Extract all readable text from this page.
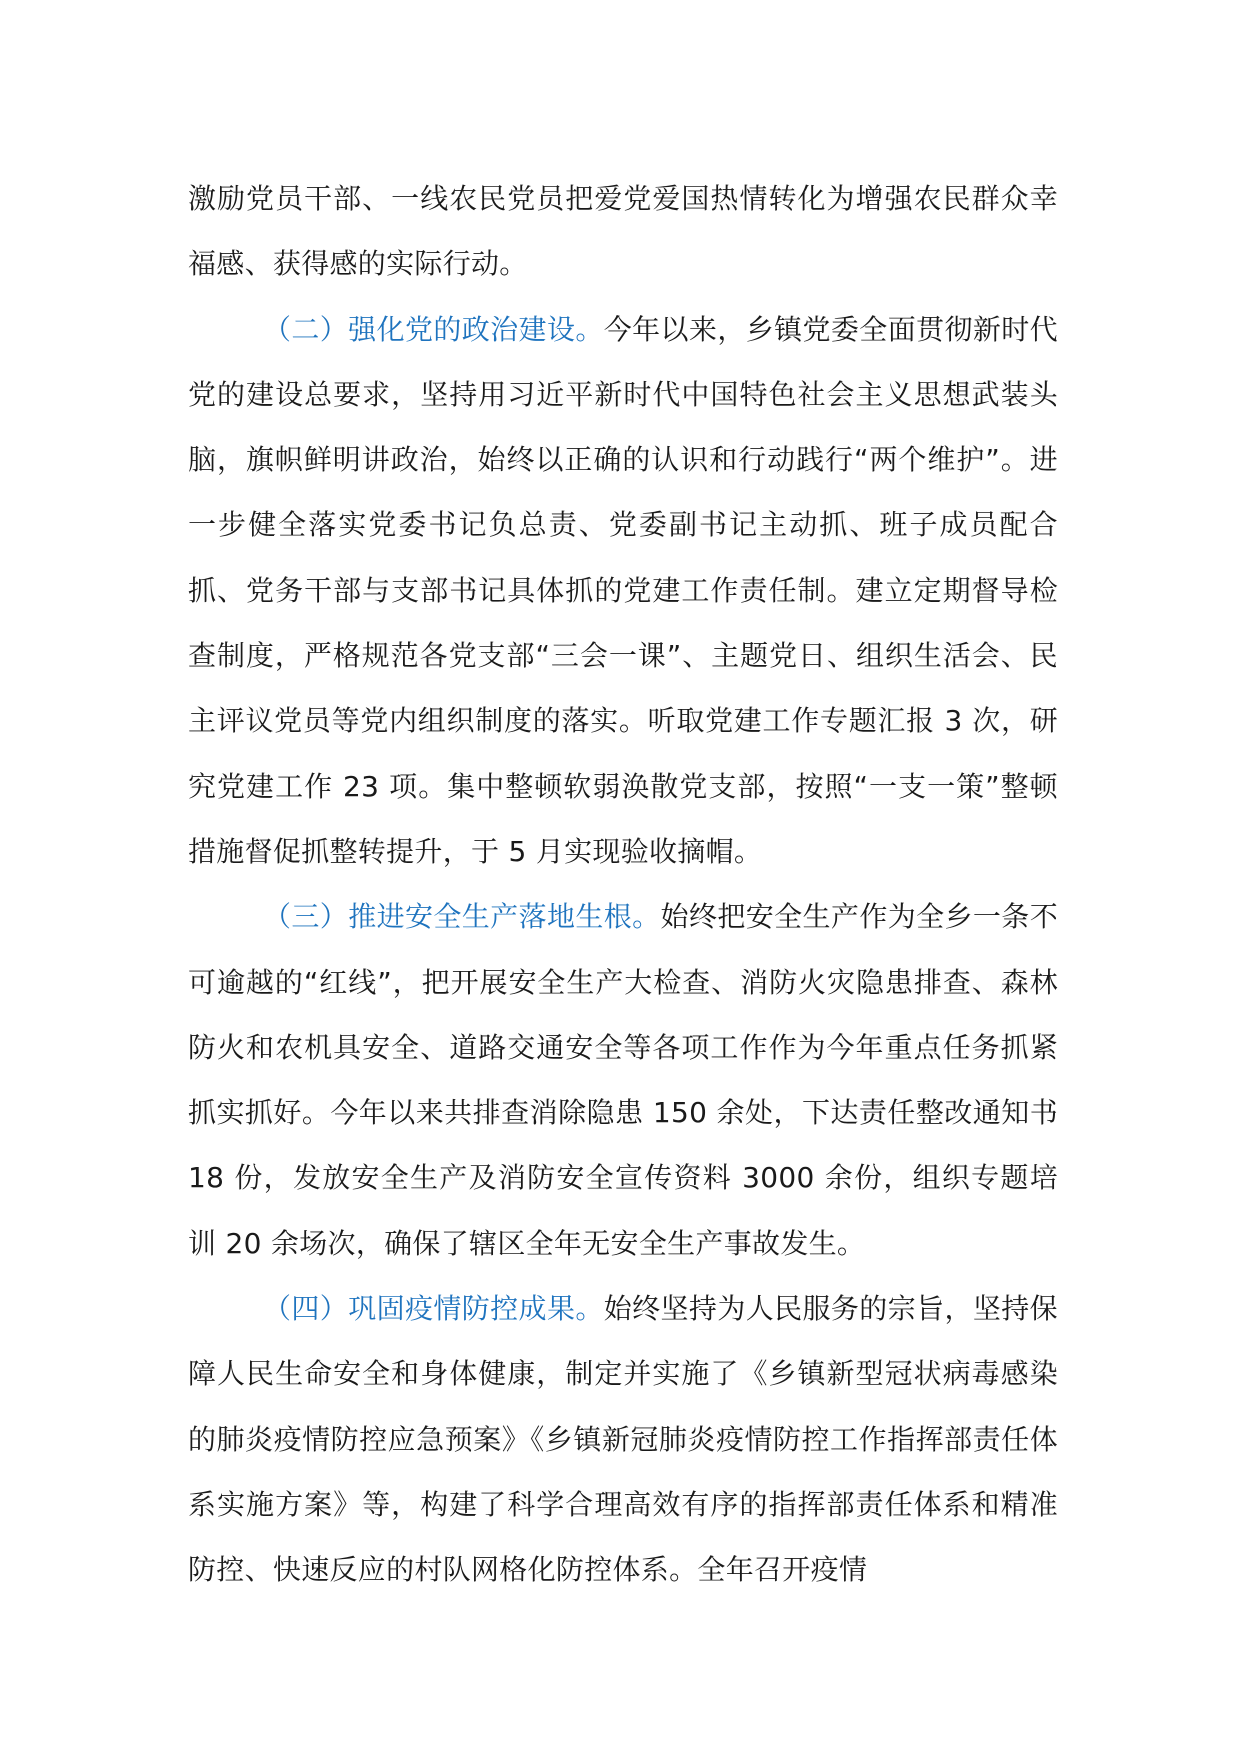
激励党员干部、一线农民党员把爱党爱国热情转化为增强农民群众幸福感、获得感的实际行动。

（二）强化党的政治建设。今年以来，乡镇党委全面贯彻新时代党的建设总要求，坚持用习近平新时代中国特色社会主义思想武装头脑，旗帜鲜明讲政治，始终以正确的认识和行动践行“两个维护”。进一步健全落实党委书记负总责、党委副书记主动抓、班子成员配合抓、党务干部与支部书记具体抓的党建工作责任制。建立定期督导检查制度，严格规范各党支部“三会一课”、主题党日、组织生活会、民主评议党员等党内组织制度的落实。听取党建工作专题汇报 3 次，研究党建工作 23 项。集中整顿软弱涣散党支部，按照“一支一策”整顿措施督促抓整转提升，于 5 月实现验收摘帽。

（三）推进安全生产落地生根。始终把安全生产作为全乡一条不可逾越的“红线”，把开展安全生产大检查、消防火灾隐患排查、森林防火和农机具安全、道路交通安全等各项工作作为今年重点任务抓紧抓实抓好。今年以来共排查消除隐患 150 余处，下达责任整改通知书 18 份，发放安全生产及消防安全宣传资料 3000 余份，组织专题培训 20 余场次，确保了辖区全年无安全生产事故发生。

（四）巩固疫情防控成果。始终坚持为人民服务的宗旨，坚持保障人民生命安全和身体健康，制定并实施了《乡镇新型冠状病毒感染的肺炎疫情防控应急预案》《乡镇新冠肺炎疫情防控工作指挥部责任体系实施方案》等，构建了科学合理高效有序的指挥部责任体系和精准防控、快速反应的村队网格化防控体系。全年召开疫情
